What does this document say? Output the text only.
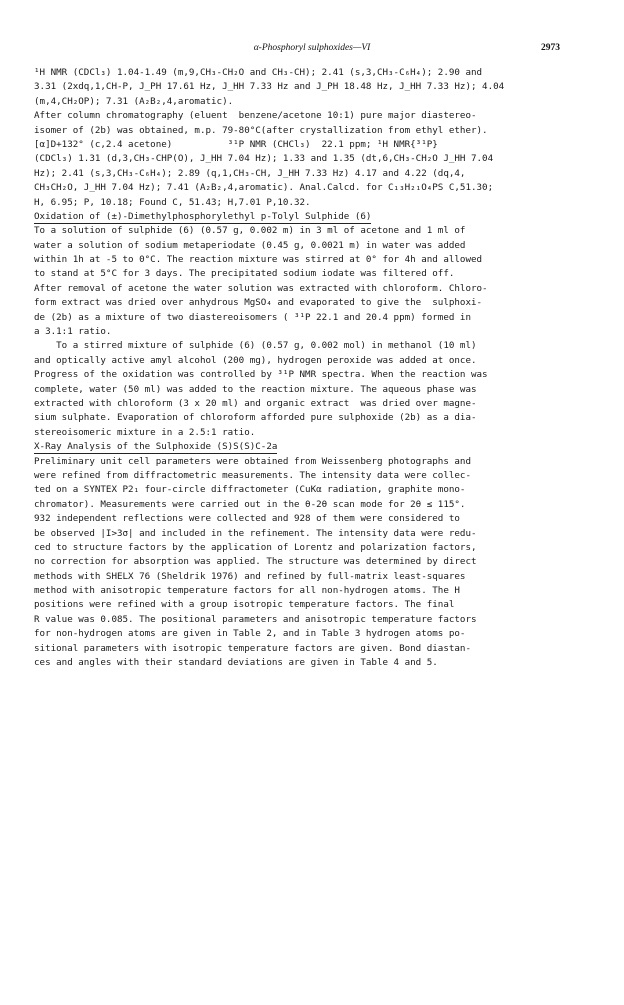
α-Phosphoryl sulphoxides—VI	2973
¹H NMR (CDCl₃) 1.04-1.49 (m,9,CH₃-CH₂O and CH₃-CH); 2.41 (s,3,CH₃-C₆H₄); 2.90 and
3.31 (2xdq,1,CH-P, J_PH 17.61 Hz, J_HH 7.33 Hz and J_PH 18.48 Hz, J_HH 7.33 Hz); 4.04
(m,4,CH₂OP); 7.31 (A₂B₂,4,aromatic).
After column chromatography (eluent  benzene/acetone 10:1) pure major diastereo-
isomer of (2b) was obtained, m.p. 79-80°C(after crystallization from ethyl ether).
[α]D+132° (c,2.4 acetone)          ³¹P NMR (CHCl₃)  22.1 ppm; ¹H NMR{³¹P}
(CDCl₃) 1.31 (d,3,CH₃-CHP(O), J_HH 7.04 Hz); 1.33 and 1.35 (dt,6,CH₃-CH₂O J_HH 7.04
Hz); 2.41 (s,3,CH₃-C₆H₄); 2.89 (q,1,CH₃-CH, J_HH 7.33 Hz) 4.17 and 4.22 (dq,4,
CH₃CH₂O, J_HH 7.04 Hz); 7.41 (A₂B₂,4,aromatic). Anal.Calcd. for C₁₃H₂₁O₄PS C,51.30;
H, 6.95; P, 10.18; Found C, 51.43; H,7.01 P,10.32.
Oxidation of (±)-Dimethylphosphorylethyl p-Tolyl Sulphide (6)
To a solution of sulphide (6) (0.57 g, 0.002 m) in 3 ml of acetone and 1 ml of
water a solution of sodium metaperiodate (0.45 g, 0.0021 m) in water was added
within 1h at -5 to 0°C. The reaction mixture was stirred at 0° for 4h and allowed
to stand at 5°C for 3 days. The precipitated sodium iodate was filtered off.
After removal of acetone the water solution was extracted with chloroform. Chloro-
form extract was dried over anhydrous MgSO₄ and evaporated to give the  sulphoxi-
de (2b) as a mixture of two diastereoisomers ( ³¹P 22.1 and 20.4 ppm) formed in
a 3.1:1 ratio.
To a stirred mixture of sulphide (6) (0.57 g, 0.002 mol) in methanol (10 ml)
and optically active amyl alcohol (200 mg), hydrogen peroxide was added at once.
Progress of the oxidation was controlled by ³¹P NMR spectra. When the reaction was
complete, water (50 ml) was added to the reaction mixture. The aqueous phase was
extracted with chloroform (3 x 20 ml) and organic extract  was dried over magne-
sium sulphate. Evaporation of chloroform afforded pure sulphoxide (2b) as a dia-
stereoisomeric mixture in a 2.5:1 ratio.
X-Ray Analysis of the Sulphoxide (S)S(S)C-2a
Preliminary unit cell parameters were obtained from Weissenberg photographs and
were refined from diffractometric measurements. The intensity data were collec-
ted on a SYNTEX P2₁ four-circle diffractometer (CuKα radiation, graphite mono-
chromator). Measurements were carried out in the θ-2θ scan mode for 2θ ≤ 115°.
932 independent reflections were collected and 928 of them were considered to
be observed |I>3σ| and included in the refinement. The intensity data were redu-
ced to structure factors by the application of Lorentz and polarization factors,
no correction for absorption was applied. The structure was determined by direct
methods with SHELX 76 (Sheldrik 1976) and refined by full-matrix least-squares
method with anisotropic temperature factors for all non-hydrogen atoms. The H
positions were refined with a group isotropic temperature factors. The final
R value was 0.085. The positional parameters and anisotropic temperature factors
for non-hydrogen atoms are given in Table 2, and in Table 3 hydrogen atoms po-
sitional parameters with isotropic temperature factors are given. Bond diastan-
ces and angles with their standard deviations are given in Table 4 and 5.
